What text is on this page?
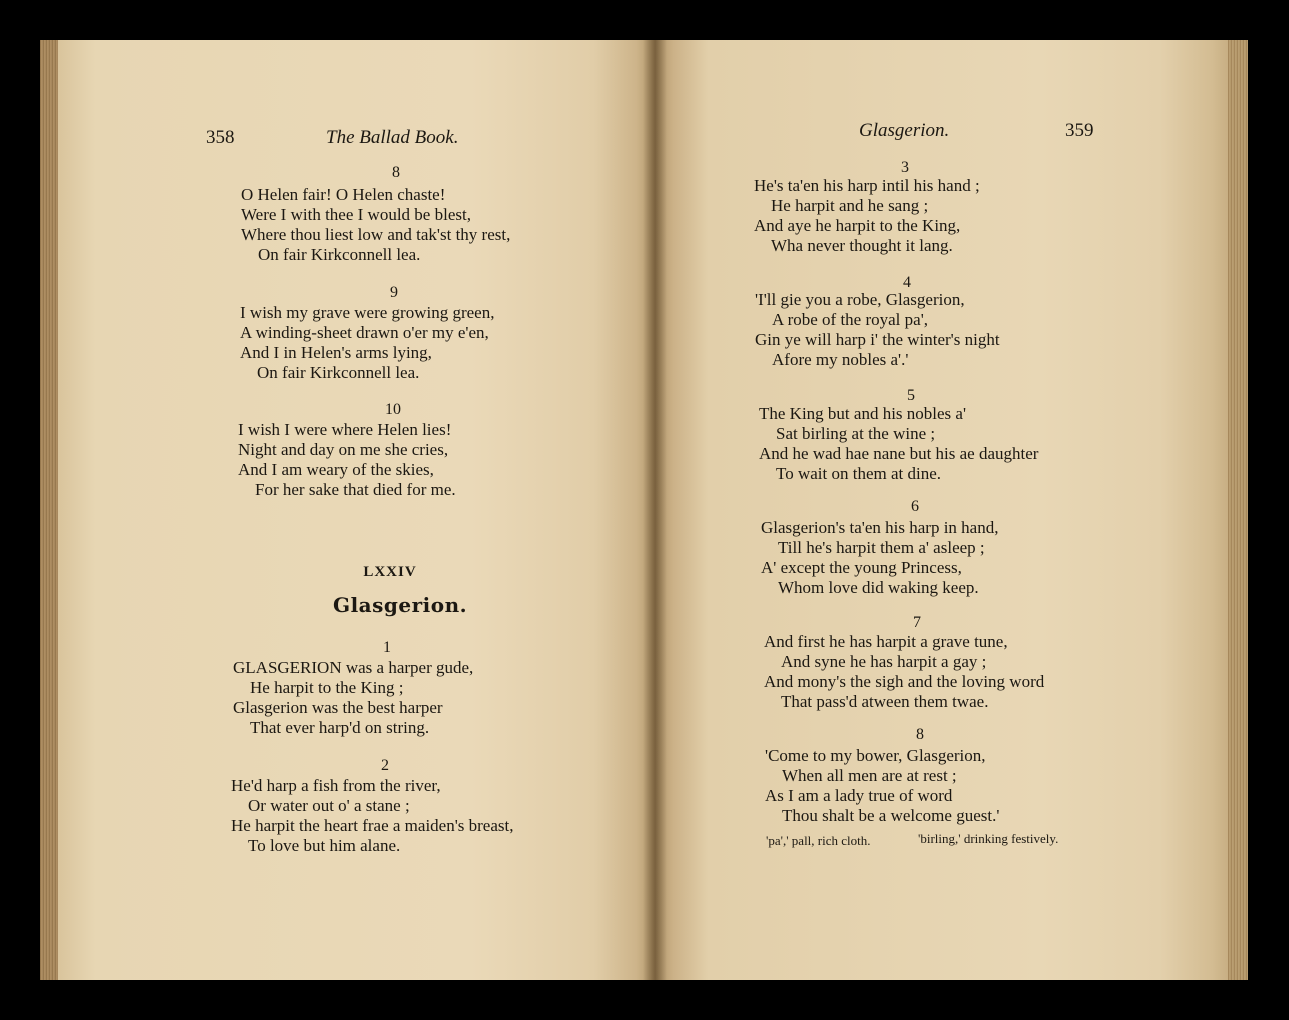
358	The Ballad Book.
8
O Helen fair! O Helen chaste!
Were I with thee I would be blest,
Where thou liest low and tak'st thy rest,
On fair Kirkconnell lea.
9
I wish my grave were growing green,
A winding-sheet drawn o'er my e'en,
And I in Helen's arms lying,
On fair Kirkconnell lea.
10
I wish I were where Helen lies!
Night and day on me she cries,
And I am weary of the skies,
For her sake that died for me.
LXXIV
Glasgerion.
1
GLASGERION was a harper gude,
He harpit to the King ;
Glasgerion was the best harper
That ever harp'd on string.
2
He'd harp a fish from the river,
Or water out o' a stane ;
He harpit the heart frae a maiden's breast,
To love but him alane.
Glasgerion.	359
3
He's ta'en his harp intil his hand ;
He harpit and he sang ;
And aye he harpit to the King,
Wha never thought it lang.
4
'I'll gie you a robe, Glasgerion,
A robe of the royal pa',
Gin ye will harp i' the winter's night
Afore my nobles a'.'
5
The King but and his nobles a'
Sat birling at the wine ;
And he wad hae nane but his ae daughter
To wait on them at dine.
6
Glasgerion's ta'en his harp in hand,
Till he's harpit them a' asleep ;
A' except the young Princess,
Whom love did waking keep.
7
And first he has harpit a grave tune,
And syne he has harpit a gay ;
And mony's the sigh and the loving word
That pass'd atween them twae.
8
'Come to my bower, Glasgerion,
When all men are at rest ;
As I am a lady true of word
Thou shalt be a welcome guest.'
'pa',' pall, rich cloth.	'birling,' drinking festively.
